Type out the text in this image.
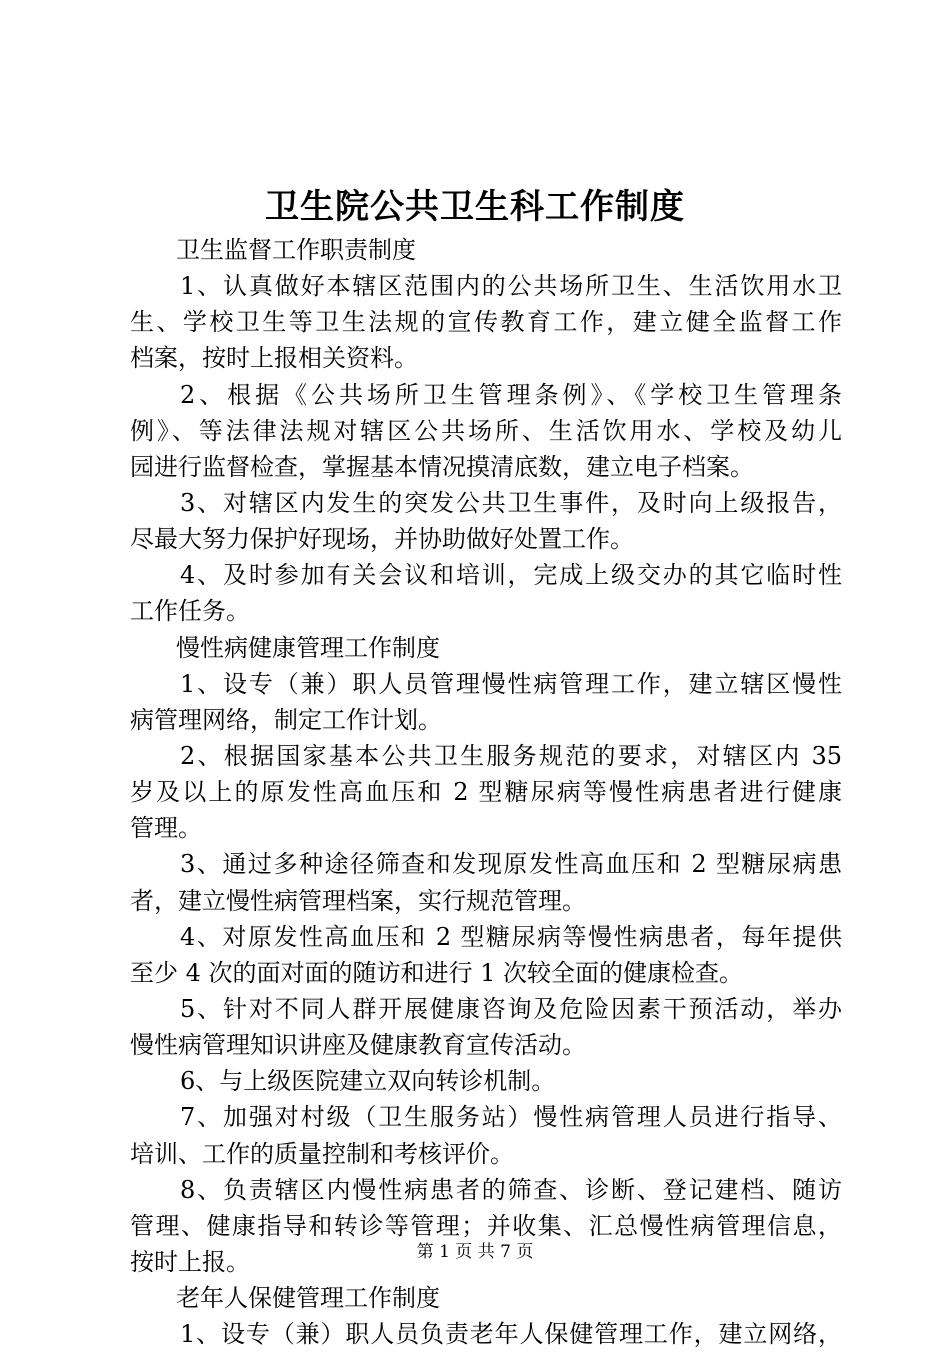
卫生院公共卫生科工作制度
卫生监督工作职责制度
1、认真做好本辖区范围内的公共场所卫生、生活饮用水卫
生、学校卫生等卫生法规的宣传教育工作，建立健全监督工作
档案，按时上报相关资料。
2、根据《公共场所卫生管理条例》、《学校卫生管理条
例》、等法律法规对辖区公共场所、生活饮用水、学校及幼儿
园进行监督检查，掌握基本情况摸清底数，建立电子档案。
3、对辖区内发生的突发公共卫生事件，及时向上级报告，
尽最大努力保护好现场，并协助做好处置工作。
4、及时参加有关会议和培训，完成上级交办的其它临时性
工作任务。
慢性病健康管理工作制度
1、设专（兼）职人员管理慢性病管理工作，建立辖区慢性
病管理网络，制定工作计划。
2、根据国家基本公共卫生服务规范的要求，对辖区内 35
岁及以上的原发性高血压和 2 型糖尿病等慢性病患者进行健康
管理。
3、通过多种途径筛查和发现原发性高血压和 2 型糖尿病患
者，建立慢性病管理档案，实行规范管理。
4、对原发性高血压和 2 型糖尿病等慢性病患者，每年提供
至少 4 次的面对面的随访和进行 1 次较全面的健康检查。
5、针对不同人群开展健康咨询及危险因素干预活动，举办
慢性病管理知识讲座及健康教育宣传活动。
6、与上级医院建立双向转诊机制。
7、加强对村级（卫生服务站）慢性病管理人员进行指导、
培训、工作的质量控制和考核评价。
8、负责辖区内慢性病患者的筛查、诊断、登记建档、随访
管理、健康指导和转诊等管理；并收集、汇总慢性病管理信息，
按时上报。
老年人保健管理工作制度
1、设专（兼）职人员负责老年人保健管理工作，建立网络，
第 1 页 共 7 页
